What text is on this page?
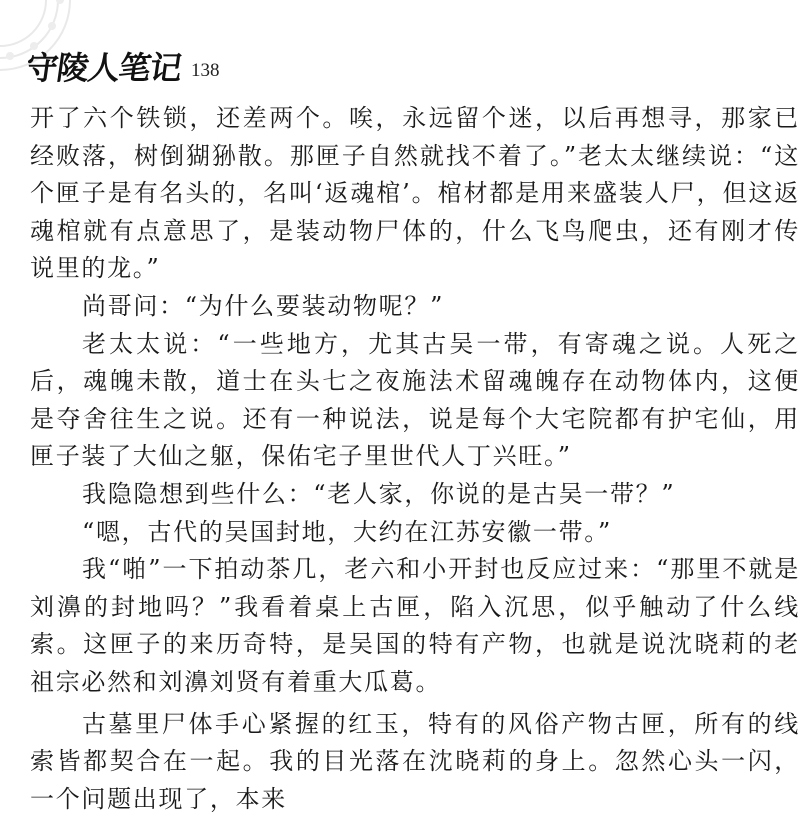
守陵人笔记 138

开了六个铁锁，还差两个。唉，永远留个迷，以后再想寻，那家已经败落，树倒猢狲散。那匣子自然就找不着了。”老太太继续说：“这个匣子是有名头的，名叫‘返魂棺’。棺材都是用来盛装人尸，但这返魂棺就有点意思了，是装动物尸体的，什么飞鸟爬虫，还有刚才传说里的龙。”

尚哥问：“为什么要装动物呢？”

老太太说：“一些地方，尤其古吴一带，有寄魂之说。人死之后，魂魄未散，道士在头七之夜施法术留魂魄存在动物体内，这便是夺舍往生之说。还有一种说法，说是每个大宅院都有护宅仙，用匣子装了大仙之躯，保佑宅子里世代人丁兴旺。”

我隐隐想到些什么：“老人家，你说的是古吴一带？”

“嗯，古代的吴国封地，大约在江苏安徽一带。”

我“啪”一下拍动茶几，老六和小开封也反应过来：“那里不就是刘濞的封地吗？”我看着桌上古匣，陷入沉思，似乎触动了什么线索。这匣子的来历奇特，是吴国的特有产物，也就是说沈晓莉的老祖宗必然和刘濞刘贤有着重大瓜葛。

古墓里尸体手心紧握的红玉，特有的风俗产物古匣，所有的线索皆都契合在一起。我的目光落在沈晓莉的身上。忽然心头一闪，一个问题出现了，本来
